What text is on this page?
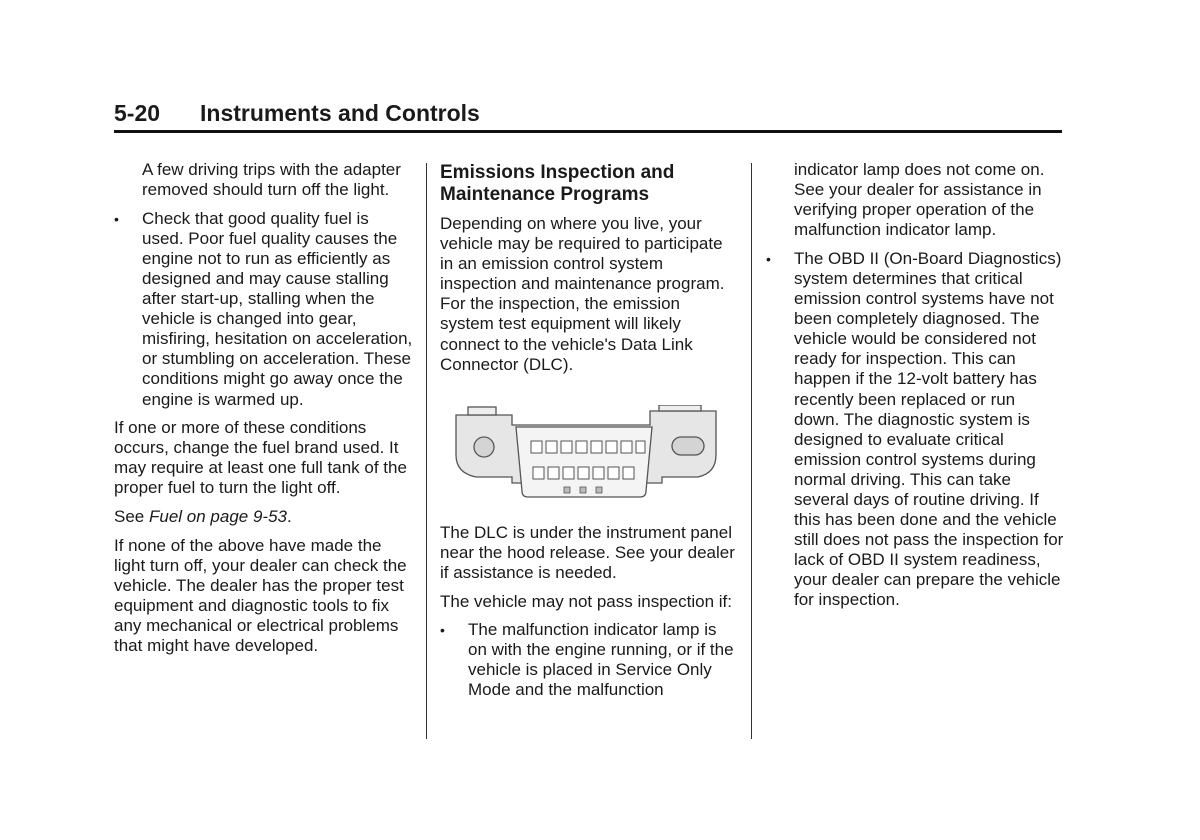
5-20 Instruments and Controls

A few driving trips with the adapter removed should turn off the light.

• Check that good quality fuel is used. Poor fuel quality causes the engine not to run as efficiently as designed and may cause stalling after start-up, stalling when the vehicle is changed into gear, misfiring, hesitation on acceleration, or stumbling on acceleration. These conditions might go away once the engine is warmed up.

If one or more of these conditions occurs, change the fuel brand used. It may require at least one full tank of the proper fuel to turn the light off.

See Fuel on page 9-53.

If none of the above have made the light turn off, your dealer can check the vehicle. The dealer has the proper test equipment and diagnostic tools to fix any mechanical or electrical problems that might have developed.

Emissions Inspection and Maintenance Programs

Depending on where you live, your vehicle may be required to participate in an emission control system inspection and maintenance program. For the inspection, the emission system test equipment will likely connect to the vehicle's Data Link Connector (DLC).

The DLC is under the instrument panel near the hood release. See your dealer if assistance is needed.

The vehicle may not pass inspection if:

• The malfunction indicator lamp is on with the engine running, or if the vehicle is placed in Service Only Mode and the malfunction

indicator lamp does not come on. See your dealer for assistance in verifying proper operation of the malfunction indicator lamp.

• The OBD II (On-Board Diagnostics) system determines that critical emission control systems have not been completely diagnosed. The vehicle would be considered not ready for inspection. This can happen if the 12-volt battery has recently been replaced or run down. The diagnostic system is designed to evaluate critical emission control systems during normal driving. This can take several days of routine driving. If this has been done and the vehicle still does not pass the inspection for lack of OBD II system readiness, your dealer can prepare the vehicle for inspection.
